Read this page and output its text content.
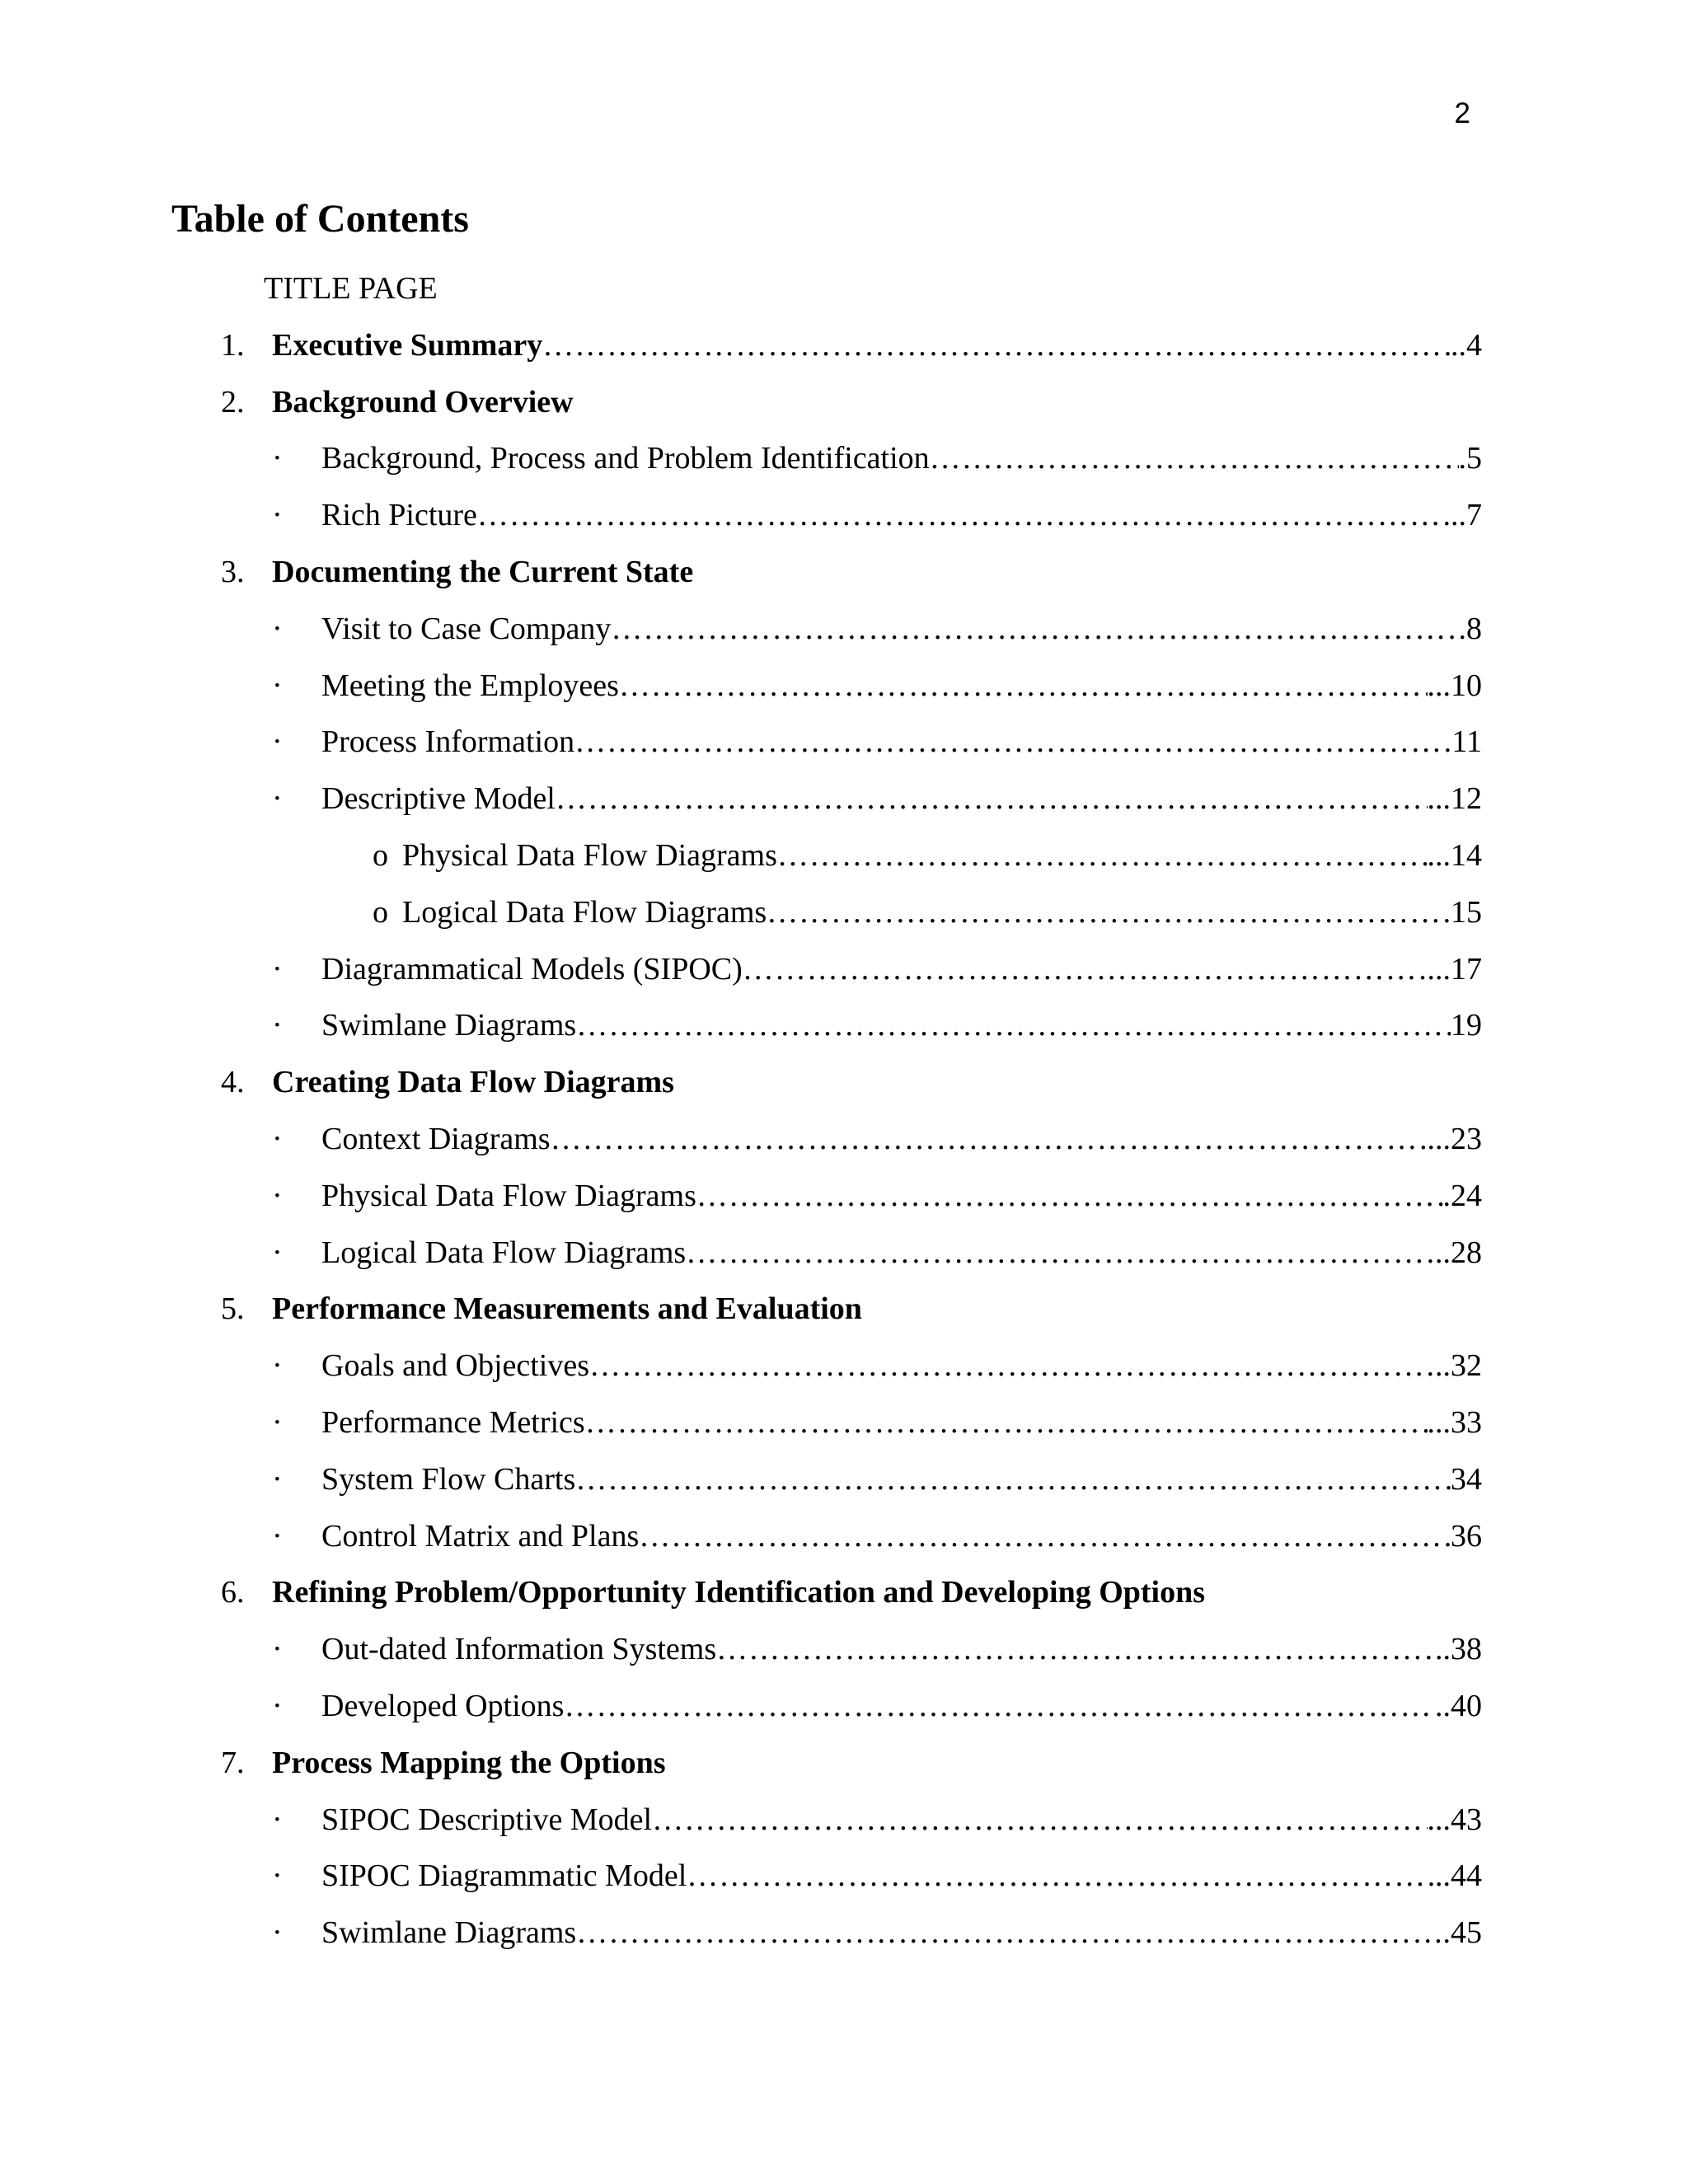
2
Table of Contents
TITLE PAGE
1. Executive Summary	..4
………………………………………………………………………………………………………………………………………………………………
2. Background Overview
· Background, Process and Problem Identification	.5
………………………………………………………………………………………………………………………………………………………………
· Rich Picture	...7
………………………………………………………………………………………………………………………………………………………………
3. Documenting the Current State
· Visit to Case Company	.8
………………………………………………………………………………………………………………………………………………………………
· Meeting the Employees	...10
………………………………………………………………………………………………………………………………………………………………
· Process Information	11
………………………………………………………………………………………………………………………………………………………………
· Descriptive Model	...12
………………………………………………………………………………………………………………………………………………………………
o Physical Data Flow Diagrams	...14
………………………………………………………………………………………………………………………………………………………………
o Logical Data Flow Diagrams	15
………………………………………………………………………………………………………………………………………………………………
· Diagrammatical Models (SIPOC)	...17
………………………………………………………………………………………………………………………………………………………………
· Swimlane Diagrams	19
………………………………………………………………………………………………………………………………………………………………
4. Creating Data Flow Diagrams
· Context Diagrams	...23
………………………………………………………………………………………………………………………………………………………………
· Physical Data Flow Diagrams	.24
………………………………………………………………………………………………………………………………………………………………
· Logical Data Flow Diagrams	..28
………………………………………………………………………………………………………………………………………………………………
5. Performance Measurements and Evaluation
· Goals and Objectives	..32
………………………………………………………………………………………………………………………………………………………………
· Performance Metrics	...33
………………………………………………………………………………………………………………………………………………………………
· System Flow Charts	34
………………………………………………………………………………………………………………………………………………………………
· Control Matrix and Plans	36
………………………………………………………………………………………………………………………………………………………………
6. Refining Problem/Opportunity Identification and Developing Options
· Out-dated Information Systems	..38
………………………………………………………………………………………………………………………………………………………………
· Developed Options	..40
………………………………………………………………………………………………………………………………………………………………
7. Process Mapping the Options
· SIPOC Descriptive Model	...43
………………………………………………………………………………………………………………………………………………………………
· SIPOC Diagrammatic Model	..44
………………………………………………………………………………………………………………………………………………………………
· Swimlane Diagrams	.45
………………………………………………………………………………………………………………………………………………………………
